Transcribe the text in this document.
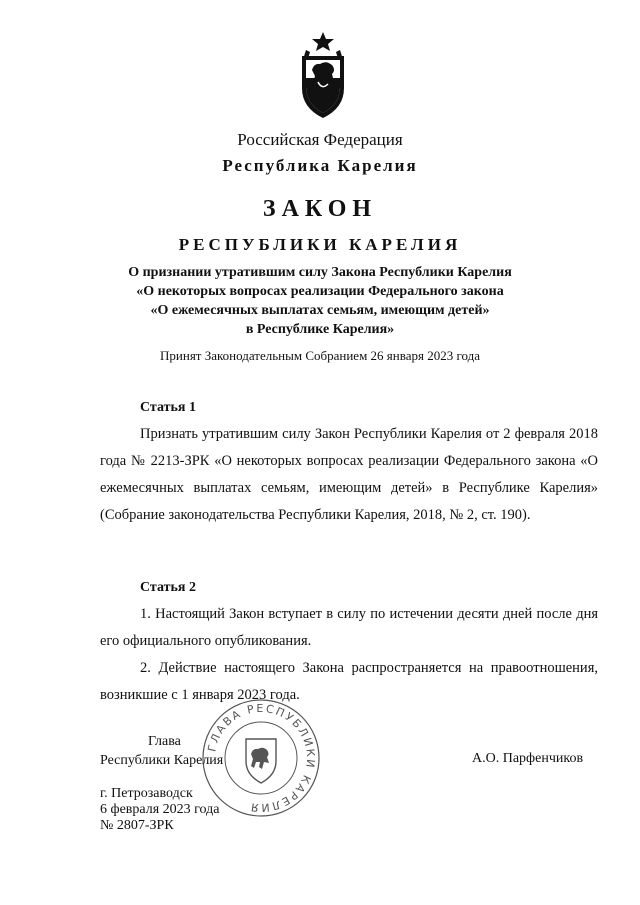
Российская Федерация
Республика Карелия
ЗАКОН
РЕСПУБЛИКИ КАРЕЛИЯ
О признании утратившим силу Закона Республики Карелия
«О некоторых вопросах реализации Федерального закона
«О ежемесячных выплатах семьям, имеющим детей»
в Республике Карелия»
Принят Законодательным Собранием 26 января 2023 года
Статья 1
Признать утратившим силу Закон Республики Карелия от 2 февраля 2018 года № 2213-ЗРК «О некоторых вопросах реализации Федерального закона «О ежемесячных выплатах семьям, имеющим детей» в Республике Карелия» (Собрание законодательства Республики Карелия, 2018, № 2, ст. 190).
Статья 2
1. Настоящий Закон вступает в силу по истечении десяти дней после дня его официального опубликования.
2. Действие настоящего Закона распространяется на правоотношения, возникшие с 1 января 2023 года.
ГЛАВА РЕСПУБЛИКИ КАРЕЛИЯ
Глава
Республики Карелия	А.О. Парфенчиков
г. Петрозаводск
6 февраля 2023 года
№ 2807-ЗРК
